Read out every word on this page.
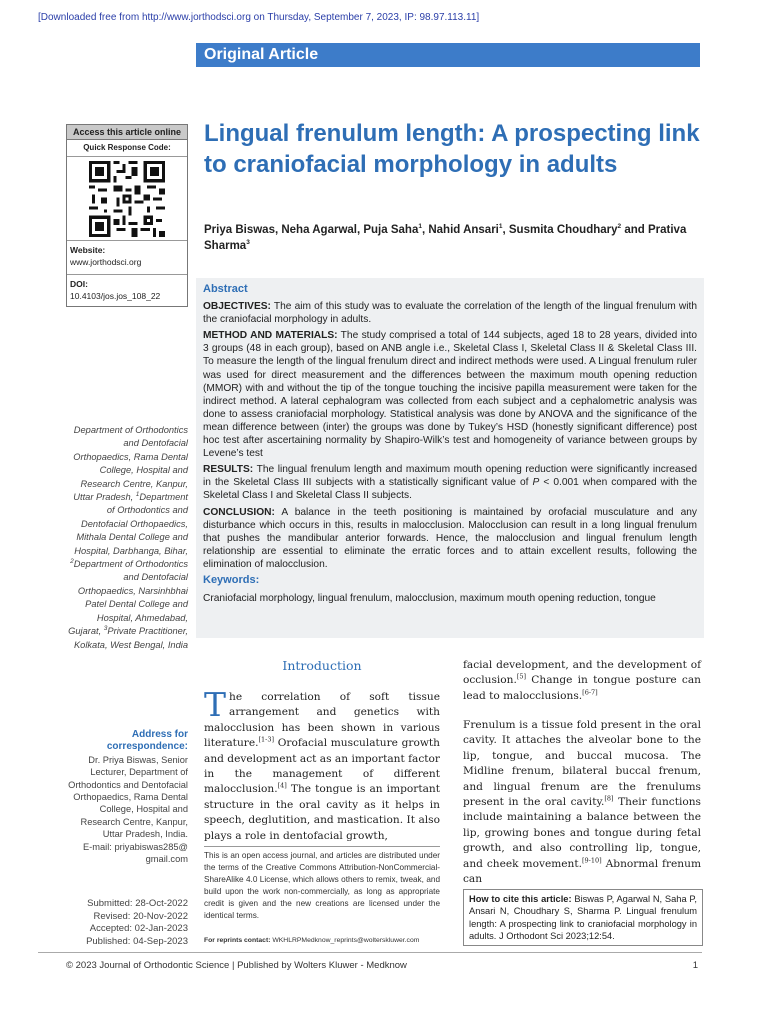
[Downloaded free from http://www.jorthodsci.org on Thursday, September 7, 2023, IP: 98.97.113.11]
Original Article
Access this article online
Quick Response Code:
Website:
www.jorthodsci.org
DOI:
10.4103/jos.jos_108_22
Lingual frenulum length: A prospecting link to craniofacial morphology in adults
Priya Biswas, Neha Agarwal, Puja Saha$^1$, Nahid Ansari$^1$, Susmita Choudhary$^2$ and Prativa Sharma$^3$
Abstract

OBJECTIVES: The aim of this study was to evaluate the correlation of the length of the lingual frenulum with the craniofacial morphology in adults.

METHOD AND MATERIALS: The study comprised a total of 144 subjects, aged 18 to 28 years, divided into 3 groups (48 in each group), based on ANB angle i.e., Skeletal Class I, Skeletal Class II & Skeletal Class III. To measure the length of the lingual frenulum direct and indirect methods were used. A Lingual frenulum ruler was used for direct measurement and the differences between the maximum mouth opening reduction (MMOR) with and without the tip of the tongue touching the incisive papilla measurement were taken for the indirect method. A lateral cephalogram was collected from each subject and a cephalometric analysis was done to assess craniofacial morphology. Statistical analysis was done by ANOVA and the significance of the mean difference between (inter) the groups was done by Tukey’s HSD (honestly significant difference) post hoc test after ascertaining normality by Shapiro-Wilk’s test and homogeneity of variance between groups by Levene’s test

RESULTS: The lingual frenulum length and maximum mouth opening reduction were significantly increased in the Skeletal Class III subjects with a statistically significant value of P < 0.001 when compared with the Skeletal Class I and Skeletal Class II subjects.

CONCLUSION: A balance in the teeth positioning is maintained by orofacial musculature and any disturbance which occurs in this, results in malocclusion. Malocclusion can result in a long lingual frenulum that pushes the mandibular anterior forwards. Hence, the malocclusion and lingual frenulum length relationship are essential to eliminate the erratic forces and to attain excellent results, following the elimination of malocclusion.

Keywords:

Craniofacial morphology, lingual frenulum, malocclusion, maximum mouth opening reduction, tongue

Department of Orthodontics and Dentofacial Orthopaedics, Rama Dental College, Hospital and Research Centre, Kanpur, Uttar Pradesh, $^1$Department of Orthodontics and Dentofacial Orthopaedics, Mithala Dental College and Hospital, Darbhanga, Bihar, $^2$Department of Orthodontics and Dentofacial Orthopaedics, Narsinhbhai Patel Dental College and Hospital, Ahmedabad, Gujarat, $^3$Private Practitioner, Kolkata, West Bengal, India
Address for correspondence:
Dr. Priya Biswas, Senior Lecturer, Department of Orthodontics and Dentofacial Orthopaedics, Rama Dental College, Hospital and Research Centre, Kanpur, Uttar Pradesh, India.
E-mail: priyabiswas285@ gmail.com
Submitted: 28-Oct-2022
Revised: 20-Nov-2022
Accepted: 02-Jan-2023
Published: 04-Sep-2023
Introduction
The correlation of soft tissue arrangement and genetics with malocclusion has been shown in various literature.[1-3] Orofacial musculature growth and development act as an important factor in the management of different malocclusion.[4] The tongue is an important structure in the oral cavity as it helps in speech, deglutition, and mastication. It also plays a role in dentofacial growth,
facial development, and the development of occlusion.[5] Change in tongue posture can lead to malocclusions.[6-7]
Frenulum is a tissue fold present in the oral cavity. It attaches the alveolar bone to the lip, tongue, and buccal mucosa. The Midline frenum, bilateral buccal frenum, and lingual frenum are the frenulums present in the oral cavity.[8] Their functions include maintaining a balance between the lip, growing bones and tongue during fetal growth, and also controlling lip, tongue, and cheek movement.[9-10] Abnormal frenum can
This is an open access journal, and articles are distributed under the terms of the Creative Commons Attribution-NonCommercial-ShareAlike 4.0 License, which allows others to remix, tweak, and build upon the work non-commercially, as long as appropriate credit is given and the new creations are licensed under the identical terms.
For reprints contact: WKHLRPMedknow_reprints@wolterskluwer.com
How to cite this article: Biswas P, Agarwal N, Saha P, Ansari N, Choudhary S, Sharma P. Lingual frenulum length: A prospecting link to craniofacial morphology in adults. J Orthodont Sci 2023;12:54.
© 2023 Journal of Orthodontic Science | Published by Wolters Kluwer - Medknow	1
